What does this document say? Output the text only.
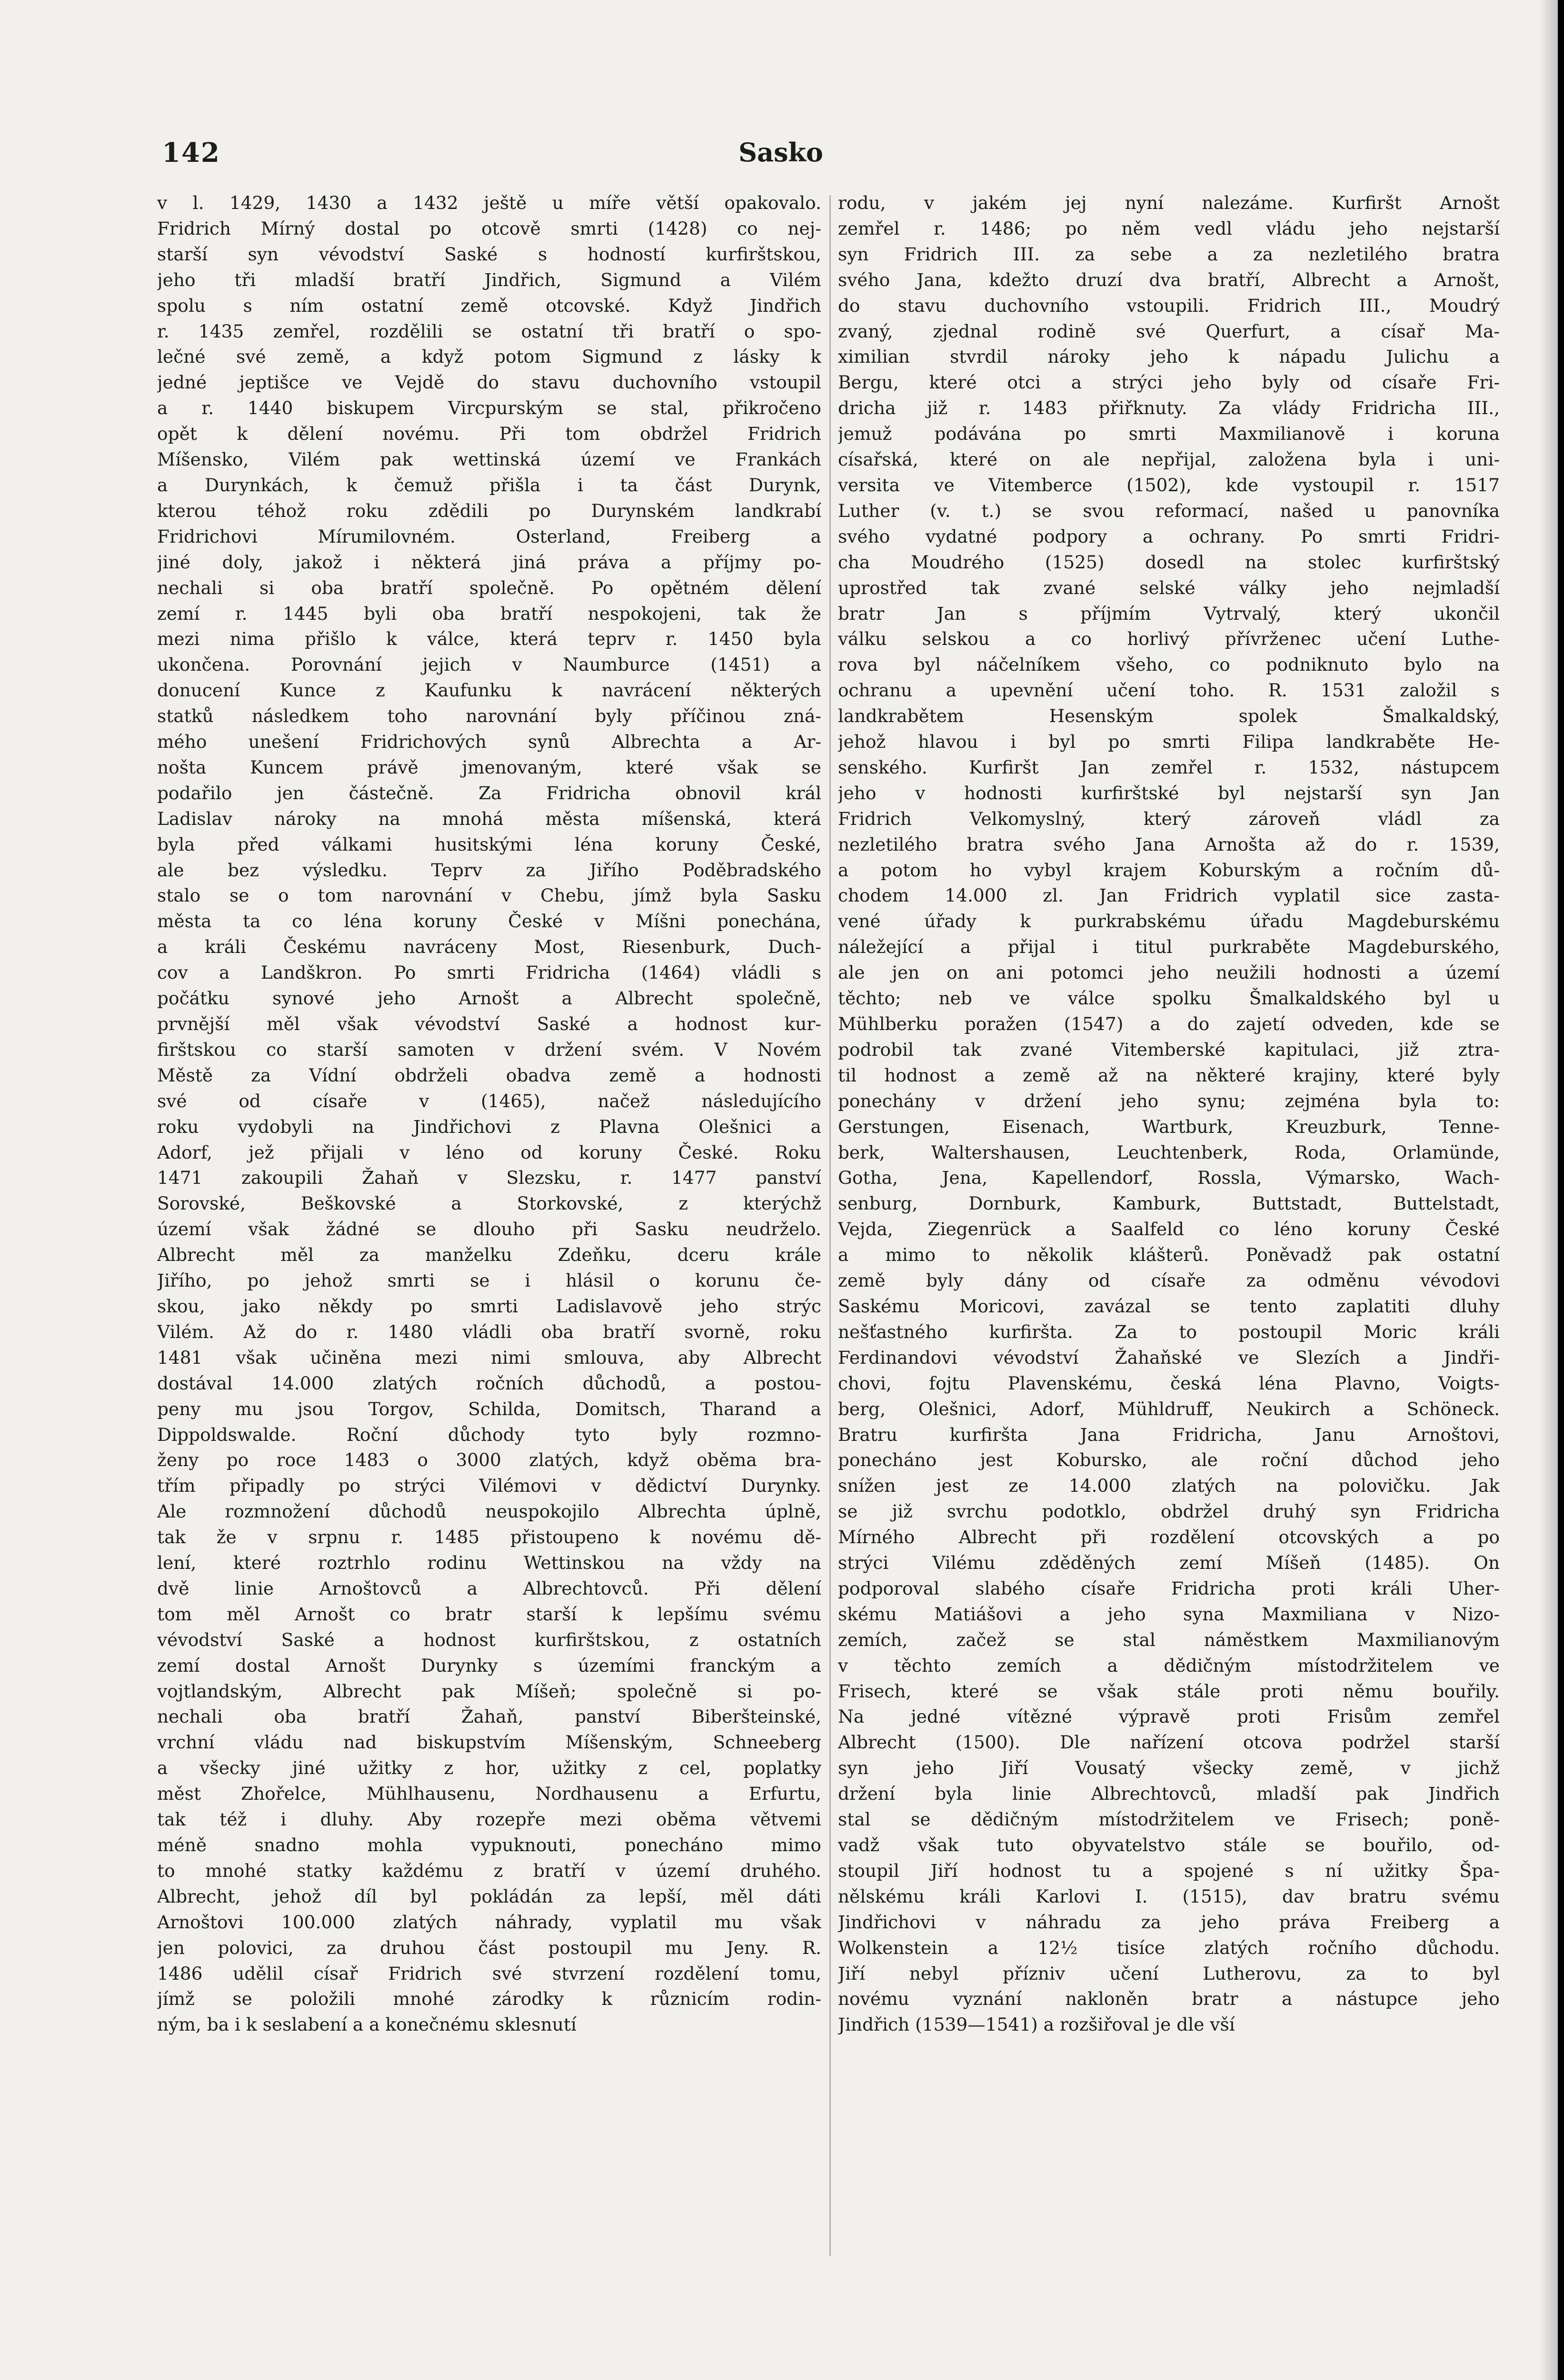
142	Sasko
v l. 1429, 1430 a 1432 ještě u míře větší opakovalo.
Fridrich Mírný dostal po otcově smrti (1428) co nej-
starší syn vévodství Saské s hodností kurfirštskou,
jeho tři mladší bratří Jindřich, Sigmund a Vilém
spolu s ním ostatní země otcovské. Když Jindřich
r. 1435 zemřel, rozdělili se ostatní tři bratří o spo-
lečné své země, a když potom Sigmund z lásky k
jedné jeptišce ve Vejdě do stavu duchovního vstoupil
a r. 1440 biskupem Vircpurským se stal, přikročeno
opět k dělení novému. Při tom obdržel Fridrich
Míšensko, Vilém pak wettinská území ve Frankách
a Durynkách, k čemuž přišla i ta část Durynk,
kterou téhož roku zdědili po Durynském landkrabí
Fridrichovi Mírumilovném. Osterland, Freiberg a
jiné doly, jakož i některá jiná práva a příjmy po-
nechali si oba bratří společně. Po opětném dělení
zemí r. 1445 byli oba bratří nespokojeni, tak že
mezi nima přišlo k válce, která teprv r. 1450 byla
ukončena. Porovnání jejich v Naumburce (1451) a
donucení Kunce z Kaufunku k navrácení některých
statků následkem toho narovnání byly příčinou zná-
mého unešení Fridrichových synů Albrechta a Ar-
nošta Kuncem právě jmenovaným, které však se
podařilo jen částečně. Za Fridricha obnovil král
Ladislav nároky na mnohá města míšenská, která
byla před válkami husitskými léna koruny České,
ale bez výsledku. Teprv za Jiřího Poděbradského
stalo se o tom narovnání v Chebu, jímž byla Sasku
města ta co léna koruny České v Míšni ponechána,
a králi Českému navráceny Most, Riesenburk, Duch-
cov a Landškron. Po smrti Fridricha (1464) vládli s
počátku synové jeho Arnošt a Albrecht společně,
prvnější měl však vévodství Saské a hodnost kur-
firštskou co starší samoten v držení svém. V Novém
Městě za Vídní obdrželi obadva země a hodnosti
své od císaře v (1465), načež následujícího
roku vydobyli na Jindřichovi z Plavna Olešnici a
Adorf, jež přijali v léno od koruny České. Roku
1471 zakoupili Žahaň v Slezsku, r. 1477 panství
Sorovské, Beškovské a Storkovské, z kterýchž
území však žádné se dlouho při Sasku neudrželo.
Albrecht měl za manželku Zdeňku, dceru krále
Jiřího, po jehož smrti se i hlásil o korunu če-
skou, jako někdy po smrti Ladislavově jeho strýc
Vilém. Až do r. 1480 vládli oba bratří svorně, roku
1481 však učiněna mezi nimi smlouva, aby Albrecht
dostával 14.000 zlatých ročních důchodů, a postou-
peny mu jsou Torgov, Schilda, Domitsch, Tharand a
Dippoldswalde. Roční důchody tyto byly rozmno-
ženy po roce 1483 o 3000 zlatých, když oběma bra-
třím připadly po strýci Vilémovi v dědictví Durynky.
Ale rozmnožení důchodů neuspokojilo Albrechta úplně,
tak že v srpnu r. 1485 přistoupeno k novému dě-
lení, které roztrhlo rodinu Wettinskou na vždy na
dvě linie Arnoštovců a Albrechtovců. Při dělení
tom měl Arnošt co bratr starší k lepšímu svému
vévodství Saské a hodnost kurfirštskou, z ostatních
zemí dostal Arnošt Durynky s územími franckým a
vojtlandským, Albrecht pak Míšeň; společně si po-
nechali oba bratří Žahaň, panství Biberšteinské,
vrchní vládu nad biskupstvím Míšenským, Schneeberg
a všecky jiné užitky z hor, užitky z cel, poplatky
měst Zhořelce, Mühlhausenu, Nordhausenu a Erfurtu,
tak též i dluhy. Aby rozepře mezi oběma větvemi
méně snadno mohla vypuknouti, ponecháno mimo
to mnohé statky každému z bratří v území druhého.
Albrecht, jehož díl byl pokládán za lepší, měl dáti
Arnoštovi 100.000 zlatých náhrady, vyplatil mu však
jen polovici, za druhou část postoupil mu Jeny. R.
1486 udělil císař Fridrich své stvrzení rozdělení tomu,
jímž se položili mnohé zárodky k různicím rodin-
ným, ba i k seslabení a a konečnému sklesnutí
rodu, v jakém jej nyní nalezáme. Kurfiršt Arnošt
zemřel r. 1486; po něm vedl vládu jeho nejstarší
syn Fridrich III. za sebe a za nezletilého bratra
svého Jana, kdežto druzí dva bratří, Albrecht a Arnošt,
do stavu duchovního vstoupili. Fridrich III., Moudrý
zvaný, zjednal rodině své Querfurt, a císař Ma-
ximilian stvrdil nároky jeho k nápadu Julichu a
Bergu, které otci a strýci jeho byly od císaře Fri-
dricha již r. 1483 přiřknuty. Za vlády Fridricha III.,
jemuž podávána po smrti Maxmilianově i koruna
císařská, které on ale nepřijal, založena byla i uni-
versita ve Vitemberce (1502), kde vystoupil r. 1517
Luther (v. t.) se svou reformací, našed u panovníka
svého vydatné podpory a ochrany. Po smrti Fridri-
cha Moudrého (1525) dosedl na stolec kurfirštský
uprostřed tak zvané selské války jeho nejmladší
bratr Jan s příjmím Vytrvalý, který ukončil
válku selskou a co horlivý přívrženec učení Luthe-
rova byl náčelníkem všeho, co podniknuto bylo na
ochranu a upevnění učení toho. R. 1531 založil s
landkrabětem Hesenským spolek Šmalkaldský,
jehož hlavou i byl po smrti Filipa landkraběte He-
senského. Kurfiršt Jan zemřel r. 1532, nástupcem
jeho v hodnosti kurfirštské byl nejstarší syn Jan
Fridrich Velkomyslný, který zároveň vládl za
nezletilého bratra svého Jana Arnošta až do r. 1539,
a potom ho vybyl krajem Koburským a ročním dů-
chodem 14.000 zl. Jan Fridrich vyplatil sice zasta-
vené úřady k purkrabskému úřadu Magdeburskému
náležející a přijal i titul purkraběte Magdeburského,
ale jen on ani potomci jeho neužili hodnosti a území
těchto; neb ve válce spolku Šmalkaldského byl u
Mühlberku poražen (1547) a do zajetí odveden, kde se
podrobil tak zvané Vitemberské kapitulaci, již ztra-
til hodnost a země až na některé krajiny, které byly
ponechány v držení jeho synu; zejména byla to:
Gerstungen, Eisenach, Wartburk, Kreuzburk, Tenne-
berk, Waltershausen, Leuchtenberk, Roda, Orlamünde,
Gotha, Jena, Kapellendorf, Rossla, Výmarsko, Wach-
senburg, Dornburk, Kamburk, Buttstadt, Buttelstadt,
Vejda, Ziegenrück a Saalfeld co léno koruny České
a mimo to několik klášterů. Poněvadž pak ostatní
země byly dány od císaře za odměnu vévodovi
Saskému Moricovi, zavázal se tento zaplatiti dluhy
nešťastného kurfiršta. Za to postoupil Moric králi
Ferdinandovi vévodství Žahaňské ve Slezích a Jindři-
chovi, fojtu Plavenskému, česká léna Plavno, Voigts-
berg, Olešnici, Adorf, Mühldruff, Neukirch a Schöneck.
Bratru kurfiršta Jana Fridricha, Janu Arnoštovi,
ponecháno jest Kobursko, ale roční důchod jeho
snížen jest ze 14.000 zlatých na polovičku. Jak
se již svrchu podotklo, obdržel druhý syn Fridricha
Mírného Albrecht při rozdělení otcovských a po
strýci Vilému zděděných zemí Míšeň (1485). On
podporoval slabého císaře Fridricha proti králi Uher-
skému Matiášovi a jeho syna Maxmiliana v Nizo-
zemích, začež se stal náměstkem Maxmilianovým
v těchto zemích a dědičným místodržitelem ve
Frisech, které se však stále proti němu bouřily.
Na jedné vítězné výpravě proti Frisům zemřel
Albrecht (1500). Dle nařízení otcova podržel starší
syn jeho Jiří Vousatý všecky země, v jichž
držení byla linie Albrechtovců, mladší pak Jindřich
stal se dědičným místodržitelem ve Frisech; poně-
vadž však tuto obyvatelstvo stále se bouřilo, od-
stoupil Jiří hodnost tu a spojené s ní užitky Špa-
nělskému králi Karlovi I. (1515), dav bratru svému
Jindřichovi v náhradu za jeho práva Freiberg a
Wolkenstein a 12½ tisíce zlatých ročního důchodu.
Jiří nebyl přízniv učení Lutherovu, za to byl
novému vyznání nakloněn bratr a nástupce jeho
Jindřich (1539—1541) a rozšiřoval je dle vší
